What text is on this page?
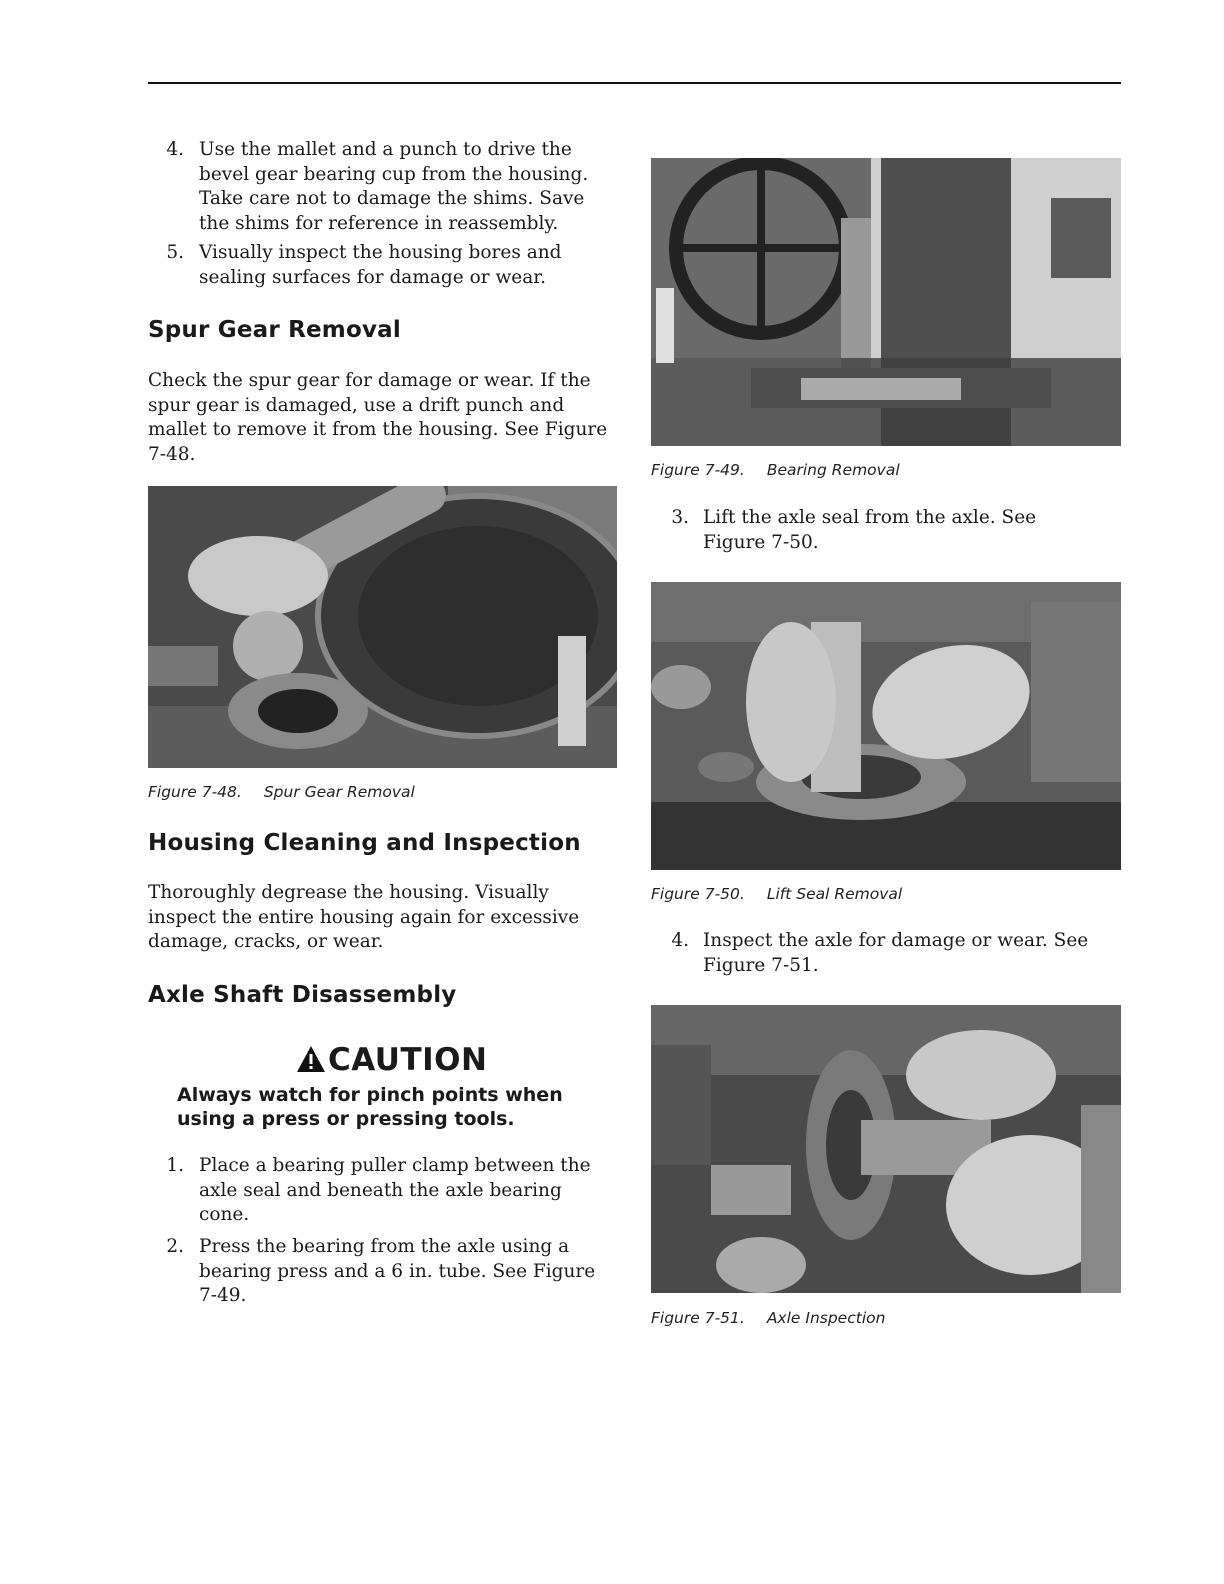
4. Use the mallet and a punch to drive the bevel gear bearing cup from the housing. Take care not to damage the shims. Save the shims for reference in reassembly.
5. Visually inspect the housing bores and sealing surfaces for damage or wear.
Spur Gear Removal
Check the spur gear for damage or wear. If the spur gear is damaged, use a drift punch and mallet to remove it from the housing. See Figure 7-48.
Figure 7-48. Spur Gear Removal
Housing Cleaning and Inspection
Thoroughly degrease the housing. Visually inspect the entire housing again for excessive damage, cracks, or wear.
Axle Shaft Disassembly
CAUTION
Always watch for pinch points when using a press or pressing tools.
1. Place a bearing puller clamp between the axle seal and beneath the axle bearing cone.
2. Press the bearing from the axle using a bearing press and a 6 in. tube. See Figure 7-49.
Figure 7-49. Bearing Removal
3. Lift the axle seal from the axle. See Figure 7-50.
Figure 7-50. Lift Seal Removal
4. Inspect the axle for damage or wear. See Figure 7-51.
Figure 7-51. Axle Inspection
